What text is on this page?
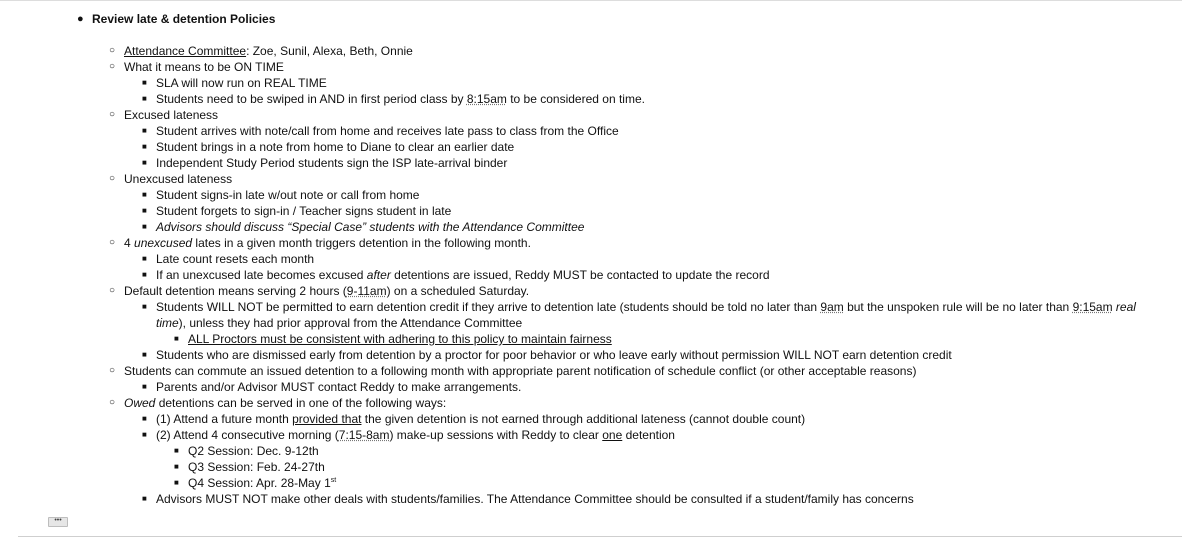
● Review late & detention Policies
○ Attendance Committee: Zoe, Sunil, Alexa, Beth, Onnie
○ What it means to be ON TIME
■ SLA will now run on REAL TIME
■ Students need to be swiped in AND in first period class by 8:15am to be considered on time.
○ Excused lateness
■ Student arrives with note/call from home and receives late pass to class from the Office
■ Student brings in a note from home to Diane to clear an earlier date
■ Independent Study Period students sign the ISP late-arrival binder
○ Unexcused lateness
■ Student signs-in late w/out note or call from home
■ Student forgets to sign-in / Teacher signs student in late
■ Advisors should discuss “Special Case” students with the Attendance Committee
○ 4 unexcused lates in a given month triggers detention in the following month.
■ Late count resets each month
■ If an unexcused late becomes excused after detentions are issued, Reddy MUST be contacted to update the record
○ Default detention means serving 2 hours (9-11am) on a scheduled Saturday.
■ Students WILL NOT be permitted to earn detention credit if they arrive to detention late (students should be told no later than 9am but the unspoken rule will be no later than 9:15am real
time), unless they had prior approval from the Attendance Committee
■ ALL Proctors must be consistent with adhering to this policy to maintain fairness
■ Students who are dismissed early from detention by a proctor for poor behavior or who leave early without permission WILL NOT earn detention credit
○ Students can commute an issued detention to a following month with appropriate parent notification of schedule conflict (or other acceptable reasons)
■ Parents and/or Advisor MUST contact Reddy to make arrangements.
○ Owed detentions can be served in one of the following ways:
■ (1) Attend a future month provided that the given detention is not earned through additional lateness (cannot double count)
■ (2) Attend 4 consecutive morning (7:15-8am) make-up sessions with Reddy to clear one detention
■ Q2 Session: Dec. 9-12th
■ Q3 Session: Feb. 24-27th
■ Q4 Session: Apr. 28-May 1st
■ Advisors MUST NOT make other deals with students/families. The Attendance Committee should be consulted if a student/family has concerns
•••
